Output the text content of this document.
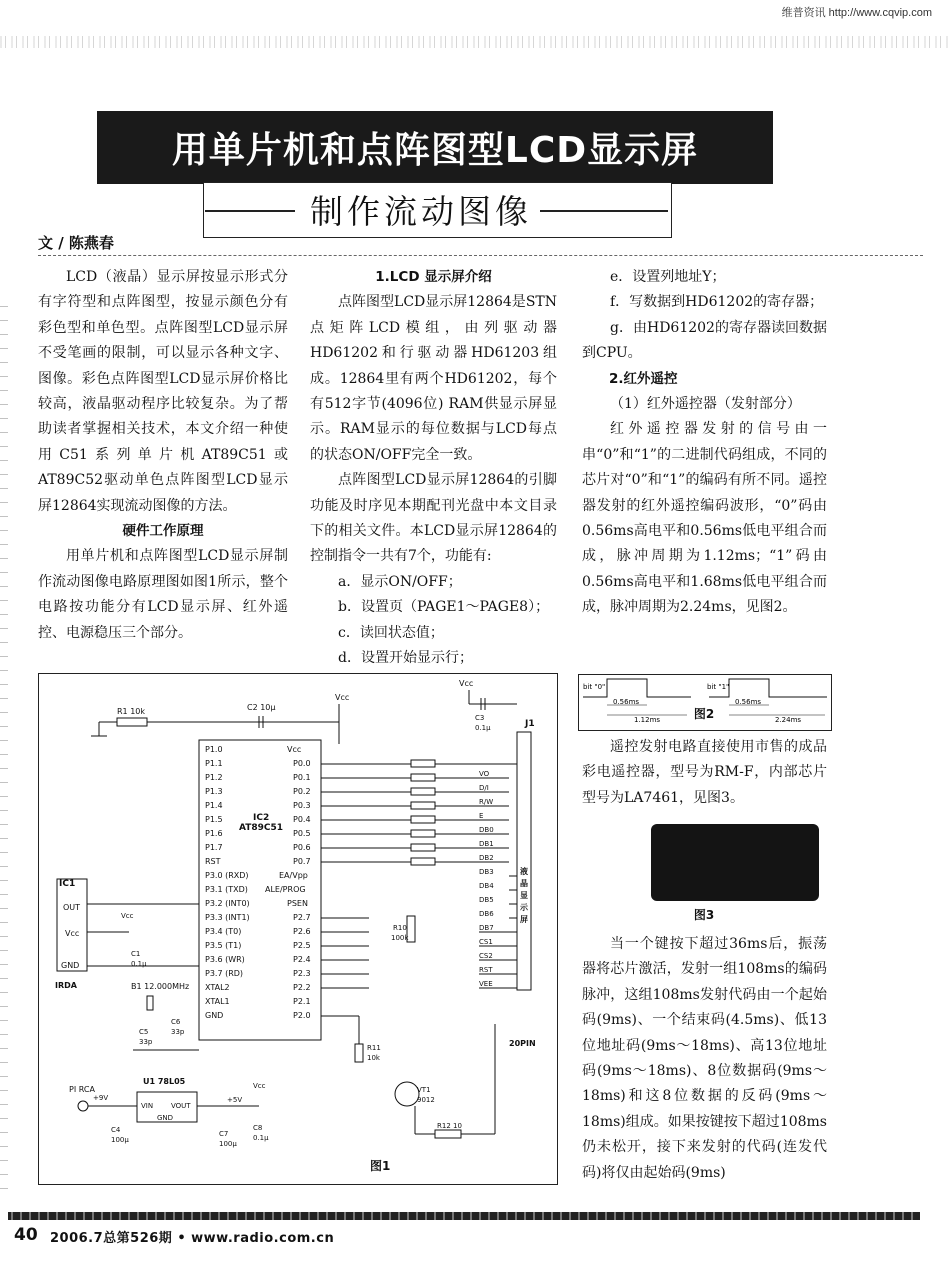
维普资讯 http://www.cqvip.com
用单片机和点阵图型LCD显示屏
制作流动图像
文 / 陈燕春

LCD（液晶）显示屏按显示形式分有字符型和点阵图型，按显示颜色分有彩色型和单色型。点阵图型LCD显示屏不受笔画的限制，可以显示各种文字、图像。彩色点阵图型LCD显示屏价格比较高，液晶驱动程序比较复杂。为了帮助读者掌握相关技术，本文介绍一种使用C51系列单片机AT89C51或AT89C52驱动单色点阵图型LCD显示屏12864实现流动图像的方法。

硬件工作原理

用单片机和点阵图型LCD显示屏制作流动图像电路原理图如图1所示，整个电路按功能分有LCD显示屏、红外遥控、电源稳压三个部分。

1.LCD 显示屏介绍

点阵图型LCD显示屏12864是STN点矩阵LCD模组，由列驱动器HD61202和行驱动器HD61203组成。12864里有两个HD61202，每个有512字节(4096位) RAM供显示屏显示。RAM显示的每位数据与LCD每点的状态ON/OFF完全一致。

点阵图型LCD显示屏12864的引脚功能及时序见本期配刊光盘中本文目录下的相关文件。本LCD显示屏12864的控制指令一共有7个，功能有:

a．显示ON/OFF；

b．设置页（PAGE1～PAGE8）；

c．读回状态值；

d．设置开始显示行；

e．设置列地址Y；

f．写数据到HD61202的寄存器；

g．由HD61202的寄存器读回数据到CPU。

2.红外遥控

（1）红外遥控器（发射部分）

红外遥控器发射的信号由一串“0”和“1”的二进制代码组成，不同的芯片对“0”和“1”的编码有所不同。遥控器发射的红外遥控编码波形，“0”码由0.56ms高电平和0.56ms低电平组合而成，脉冲周期为1.12ms；“1”码由0.56ms高电平和1.68ms低电平组合而成，脉冲周期为2.24ms，见图2。

bit "0"	bit "1"
0.56ms
1.12ms
0.56ms
2.24ms
图2

遥控发射电路直接使用市售的成品彩电遥控器，型号为RM-F，内部芯片型号为LA7461，见图3。

图3

当一个键按下超过36ms后，振荡器将芯片激活，发射一组108ms的编码脉冲，这组108ms发射代码由一个起始码(9ms)、一个结束码(4.5ms)、低13位地址码(9ms～18ms)、高13位地址码(9ms～18ms)、8位数据码(9ms～18ms)和这8位数据的反码(9ms～18ms)组成。如果按键按下超过108ms仍未松开，接下来发射的代码(连发代码)将仅由起始码(9ms)

R1 10k	C2 10μ
Vcc
Vcc
C3
0.1μ	J1
IC2
AT89C51
P1.0
P1.1
P1.2
P1.3
P1.4
P1.5
P1.6
P1.7
RST
P3.0 (RXD)
P3.1 (TXD)
P3.2 (INT0)
P3.3 (INT1)
P3.4 (T0)
P3.5 (T1)
P3.6 (WR)
P3.7 (RD)
XTAL2
XTAL1
GND
Vcc
P0.0
P0.1
P0.2
P0.3
P0.4
P0.5
P0.6
P0.7
EA/Vpp
ALE/PROG
PSEN
P2.7
P2.6
P2.5
P2.4
P2.3
P2.2
P2.1
P2.0
VO
D/I
R/W
E
DB0
DB1
DB2
DB3
DB4
DB5
DB6
DB7
CS1
CS2
RST
VEE
液
晶
显
示
屏
20PIN
R10
100k
IC1
OUT
Vcc
GND
IRDA
Vcc
C1
0.1μ
B1 12.000MHz
C5
33p
C6
33p
R11
10k
VT1
9012
R12 10
PI RCA
+9V
U1 78L05
VIN	VOUT
GND
C4
100μ
C7
100μ
C8
0.1μ
+5V
Vcc
图1
40 2006.7总第526期 • www.radio.com.cn
